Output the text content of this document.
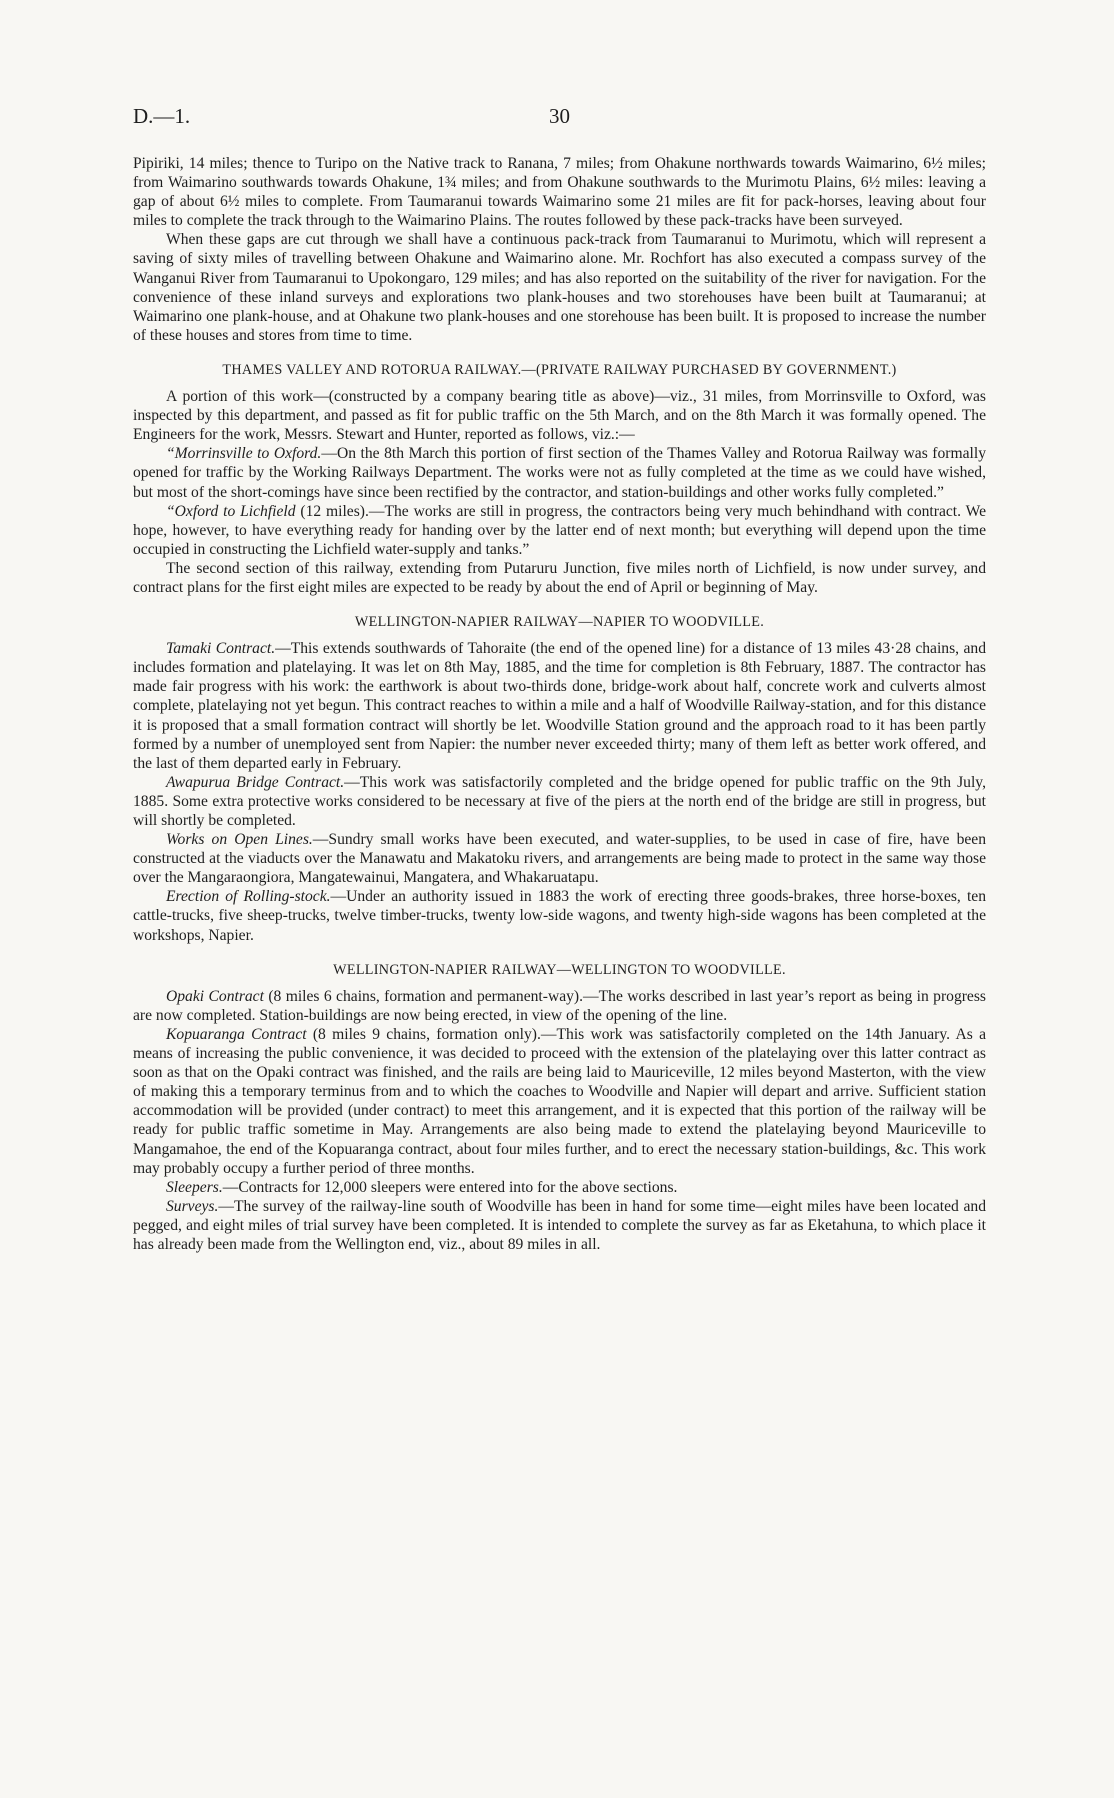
D.—1.	30

Pipiriki, 14 miles; thence to Turipo on the Native track to Ranana, 7 miles; from Ohakune northwards towards Waimarino, 6½ miles; from Waimarino southwards towards Ohakune, 1¾ miles; and from Ohakune southwards to the Murimotu Plains, 6½ miles: leaving a gap of about 6½ miles to complete. From Taumaranui towards Waimarino some 21 miles are fit for pack-horses, leaving about four miles to complete the track through to the Waimarino Plains. The routes followed by these pack-tracks have been surveyed.

When these gaps are cut through we shall have a continuous pack-track from Taumaranui to Murimotu, which will represent a saving of sixty miles of travelling between Ohakune and Waimarino alone. Mr. Rochfort has also executed a compass survey of the Wanganui River from Taumaranui to Upokongaro, 129 miles; and has also reported on the suitability of the river for navigation. For the convenience of these inland surveys and explorations two plank-houses and two storehouses have been built at Taumaranui; at Waimarino one plank-house, and at Ohakune two plank-houses and one storehouse has been built. It is proposed to increase the number of these houses and stores from time to time.

THAMES VALLEY AND ROTORUA RAILWAY.—(PRIVATE RAILWAY PURCHASED BY GOVERNMENT.)

A portion of this work—(constructed by a company bearing title as above)—viz., 31 miles, from Morrinsville to Oxford, was inspected by this department, and passed as fit for public traffic on the 5th March, and on the 8th March it was formally opened. The Engineers for the work, Messrs. Stewart and Hunter, reported as follows, viz.:—

“Morrinsville to Oxford.—On the 8th March this portion of first section of the Thames Valley and Rotorua Railway was formally opened for traffic by the Working Railways Department. The works were not as fully completed at the time as we could have wished, but most of the short-comings have since been rectified by the contractor, and station-buildings and other works fully completed.”

“Oxford to Lichfield (12 miles).—The works are still in progress, the contractors being very much behindhand with contract. We hope, however, to have everything ready for handing over by the latter end of next month; but everything will depend upon the time occupied in constructing the Lichfield water-supply and tanks.”

The second section of this railway, extending from Putaruru Junction, five miles north of Lichfield, is now under survey, and contract plans for the first eight miles are expected to be ready by about the end of April or beginning of May.

WELLINGTON-NAPIER RAILWAY—NAPIER TO WOODVILLE.

Tamaki Contract.—This extends southwards of Tahoraite (the end of the opened line) for a distance of 13 miles 43·28 chains, and includes formation and platelaying. It was let on 8th May, 1885, and the time for completion is 8th February, 1887. The contractor has made fair progress with his work: the earthwork is about two-thirds done, bridge-work about half, concrete work and culverts almost complete, platelaying not yet begun. This contract reaches to within a mile and a half of Woodville Railway-station, and for this distance it is proposed that a small formation contract will shortly be let. Woodville Station ground and the approach road to it has been partly formed by a number of unemployed sent from Napier: the number never exceeded thirty; many of them left as better work offered, and the last of them departed early in February.

Awapuruа Bridge Contract.—This work was satisfactorily completed and the bridge opened for public traffic on the 9th July, 1885. Some extra protective works considered to be necessary at five of the piers at the north end of the bridge are still in progress, but will shortly be completed.

Works on Open Lines.—Sundry small works have been executed, and water-supplies, to be used in case of fire, have been constructed at the viaducts over the Manawatu and Makatoku rivers, and arrangements are being made to protect in the same way those over the Mangaraongiora, Mangatewainui, Mangatera, and Whakaruatapu.

Erection of Rolling-stock.—Under an authority issued in 1883 the work of erecting three goods-brakes, three horse-boxes, ten cattle-trucks, five sheep-trucks, twelve timber-trucks, twenty low-side wagons, and twenty high-side wagons has been completed at the workshops, Napier.

WELLINGTON-NAPIER RAILWAY—WELLINGTON TO WOODVILLE.

Opaki Contract (8 miles 6 chains, formation and permanent-way).—The works described in last year’s report as being in progress are now completed. Station-buildings are now being erected, in view of the opening of the line.

Kopuaranga Contract (8 miles 9 chains, formation only).—This work was satisfactorily completed on the 14th January. As a means of increasing the public convenience, it was decided to proceed with the extension of the platelaying over this latter contract as soon as that on the Opaki contract was finished, and the rails are being laid to Mauriceville, 12 miles beyond Masterton, with the view of making this a temporary terminus from and to which the coaches to Woodville and Napier will depart and arrive. Sufficient station accommodation will be provided (under contract) to meet this arrangement, and it is expected that this portion of the railway will be ready for public traffic sometime in May. Arrangements are also being made to extend the platelaying beyond Mauriceville to Mangamahoe, the end of the Kopuaranga contract, about four miles further, and to erect the necessary station-buildings, &c. This work may probably occupy a further period of three months.

Sleepers.—Contracts for 12,000 sleepers were entered into for the above sections.

Surveys.—The survey of the railway-line south of Woodville has been in hand for some time—eight miles have been located and pegged, and eight miles of trial survey have been completed. It is intended to complete the survey as far as Eketahuna, to which place it has already been made from the Wellington end, viz., about 89 miles in all.
